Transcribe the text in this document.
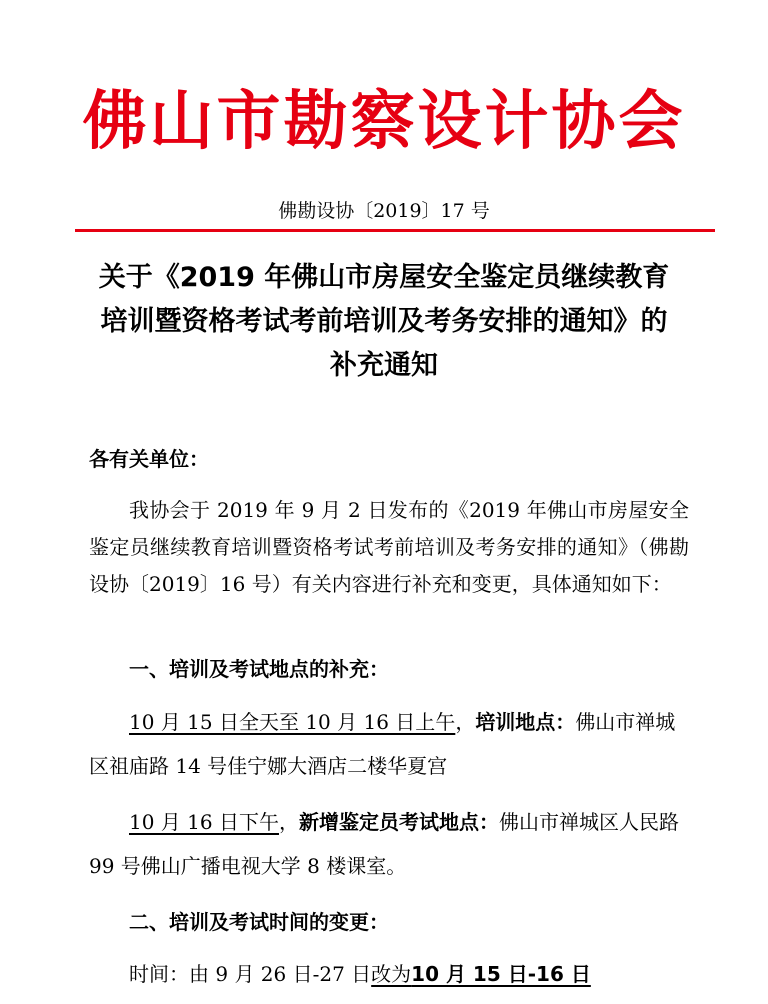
佛山市勘察设计协会
佛勘设协〔2019〕17 号
关于《2019 年佛山市房屋安全鉴定员继续教育
培训暨资格考试考前培训及考务安排的通知》的
补充通知
各有关单位：
我协会于 2019 年 9 月 2 日发布的《2019 年佛山市房屋安全鉴定员继续教育培训暨资格考试考前培训及考务安排的通知》（佛勘设协〔2019〕16 号）有关内容进行补充和变更，具体通知如下：
一、培训及考试地点的补充：
10 月 15 日全天至 10 月 16 日上午，培训地点：佛山市禅城区祖庙路 14 号佳宁娜大酒店二楼华夏宫
10 月 16 日下午，新增鉴定员考试地点：佛山市禅城区人民路 99 号佛山广播电视大学 8 楼课室。
二、培训及考试时间的变更：
时间：由 9 月 26 日-27 日改为10 月 15 日-16 日
